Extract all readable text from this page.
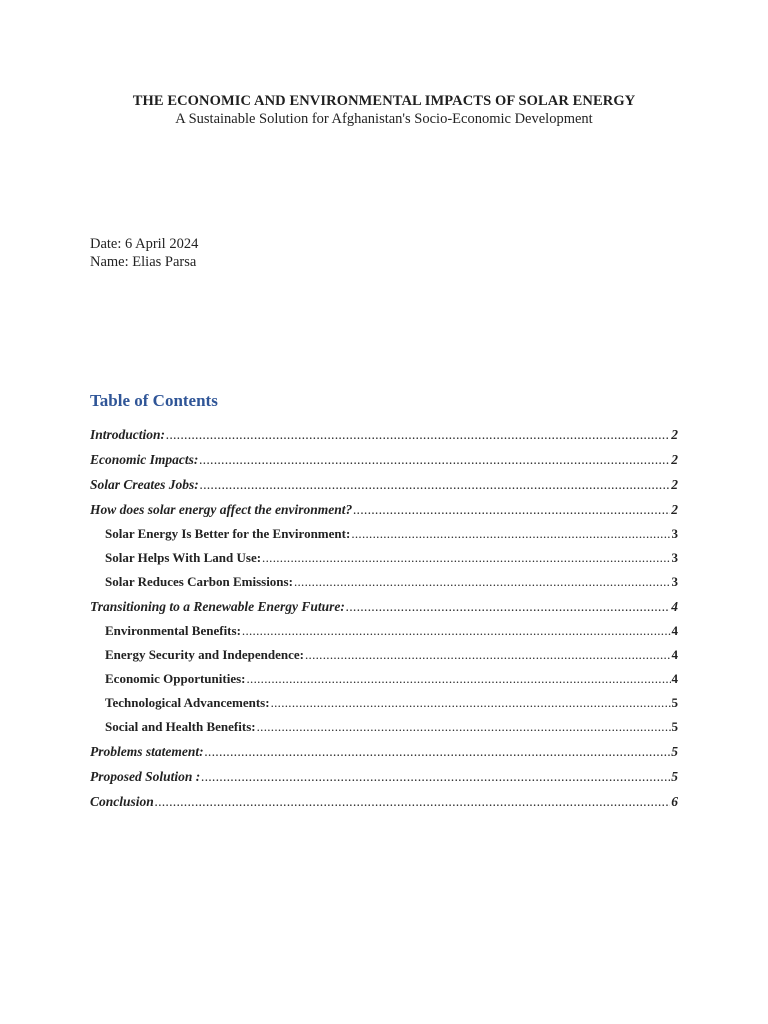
THE ECONOMIC AND ENVIRONMENTAL IMPACTS OF SOLAR ENERGY
A Sustainable Solution for Afghanistan's Socio-Economic Development
Date: 6 April 2024
Name: Elias Parsa
Table of Contents
Introduction: .....	2
Economic Impacts: .....	2
Solar Creates Jobs: .....	2
How does solar energy affect the environment? .....	2
Solar Energy Is Better for the Environment: .....	3
Solar Helps With Land Use: .....	3
Solar Reduces Carbon Emissions: .....	3
Transitioning to a Renewable Energy Future: .....	4
Environmental Benefits: .....	4
Energy Security and Independence: .....	4
Economic Opportunities: .....	4
Technological Advancements: .....	5
Social and Health Benefits: .....	5
Problems statement: .....	5
Proposed Solution : .....	5
Conclusion .....	6
